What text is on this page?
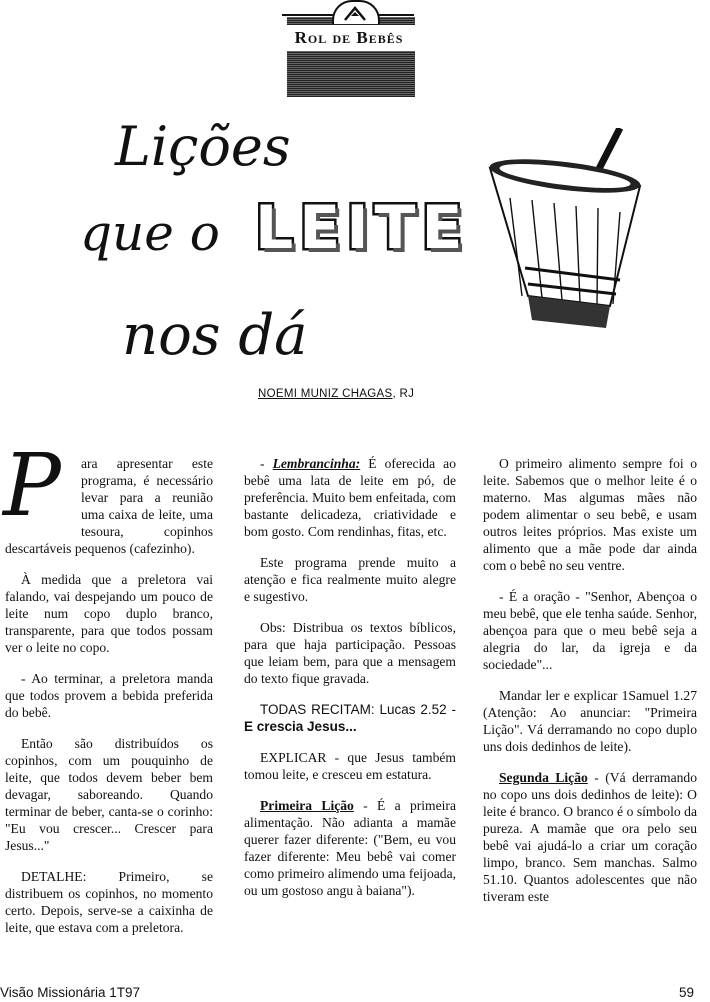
Rol de Bebês
Lições
que o LEITE
nos dá
NOEMI MUNIZ CHAGAS, RJ

P	ara apresentar este programa, é necessário levar para a reunião uma caixa de leite, uma tesoura, copinhos descartáveis pequenos (cafezinho).

À medida que a preletora vai falando, vai despejando um pouco de leite num copo duplo branco, transparente, para que todos possam ver o leite no copo.

- Ao terminar, a preletora manda que todos provem a bebida preferida do bebê.

Então são distribuídos os copinhos, com um pouquinho de leite, que todos devem beber bem devagar, saboreando. Quando terminar de beber, canta-se o corinho: "Eu vou crescer... Crescer para Jesus..."

DETALHE: Primeiro, se distribuem os copinhos, no momento certo. Depois, serve-se a caixinha de leite, que estava com a preletora.

- Lembrancinha: É oferecida ao bebê uma lata de leite em pó, de preferência. Muito bem enfeitada, com bastante delicadeza, criatividade e bom gosto. Com rendinhas, fitas, etc.

Este programa prende muito a atenção e fica realmente muito alegre e sugestivo.

Obs: Distribua os textos bíblicos, para que haja participação. Pessoas que leiam bem, para que a mensagem do texto fique gravada.

TODAS RECITAM: Lucas 2.52 - E crescia Jesus...

EXPLICAR - que Jesus também tomou leite, e cresceu em estatura.

Primeira Lição - É a primeira alimentação. Não adianta a mamãe querer fazer diferente: ("Bem, eu vou fazer diferente: Meu bebê vai comer como primeiro alimendo uma feijoada, ou um gostoso angu à baiana").

O primeiro alimento sempre foi o leite. Sabemos que o melhor leite é o materno. Mas algumas mães não podem alimentar o seu bebê, e usam outros leites próprios. Mas existe um alimento que a mãe pode dar ainda com o bebê no seu ventre.

- É a oração - "Senhor, Abençoa o meu bebê, que ele tenha saúde. Senhor, abençoa para que o meu bebê seja a alegria do lar, da igreja e da sociedade"...

Mandar ler e explicar 1Samuel 1.27 (Atenção: Ao anunciar: "Primeira Lição". Vá derramando no copo duplo uns dois dedinhos de leite).

Segunda Lição - (Vá derramando no copo uns dois dedinhos de leite): O leite é branco. O branco é o símbolo da pureza. A mamãe que ora pelo seu bebê vai ajudá-lo a criar um coração limpo, branco. Sem manchas. Salmo 51.10. Quantos adolescentes que não tiveram este

Visão Missionária 1T97	59
